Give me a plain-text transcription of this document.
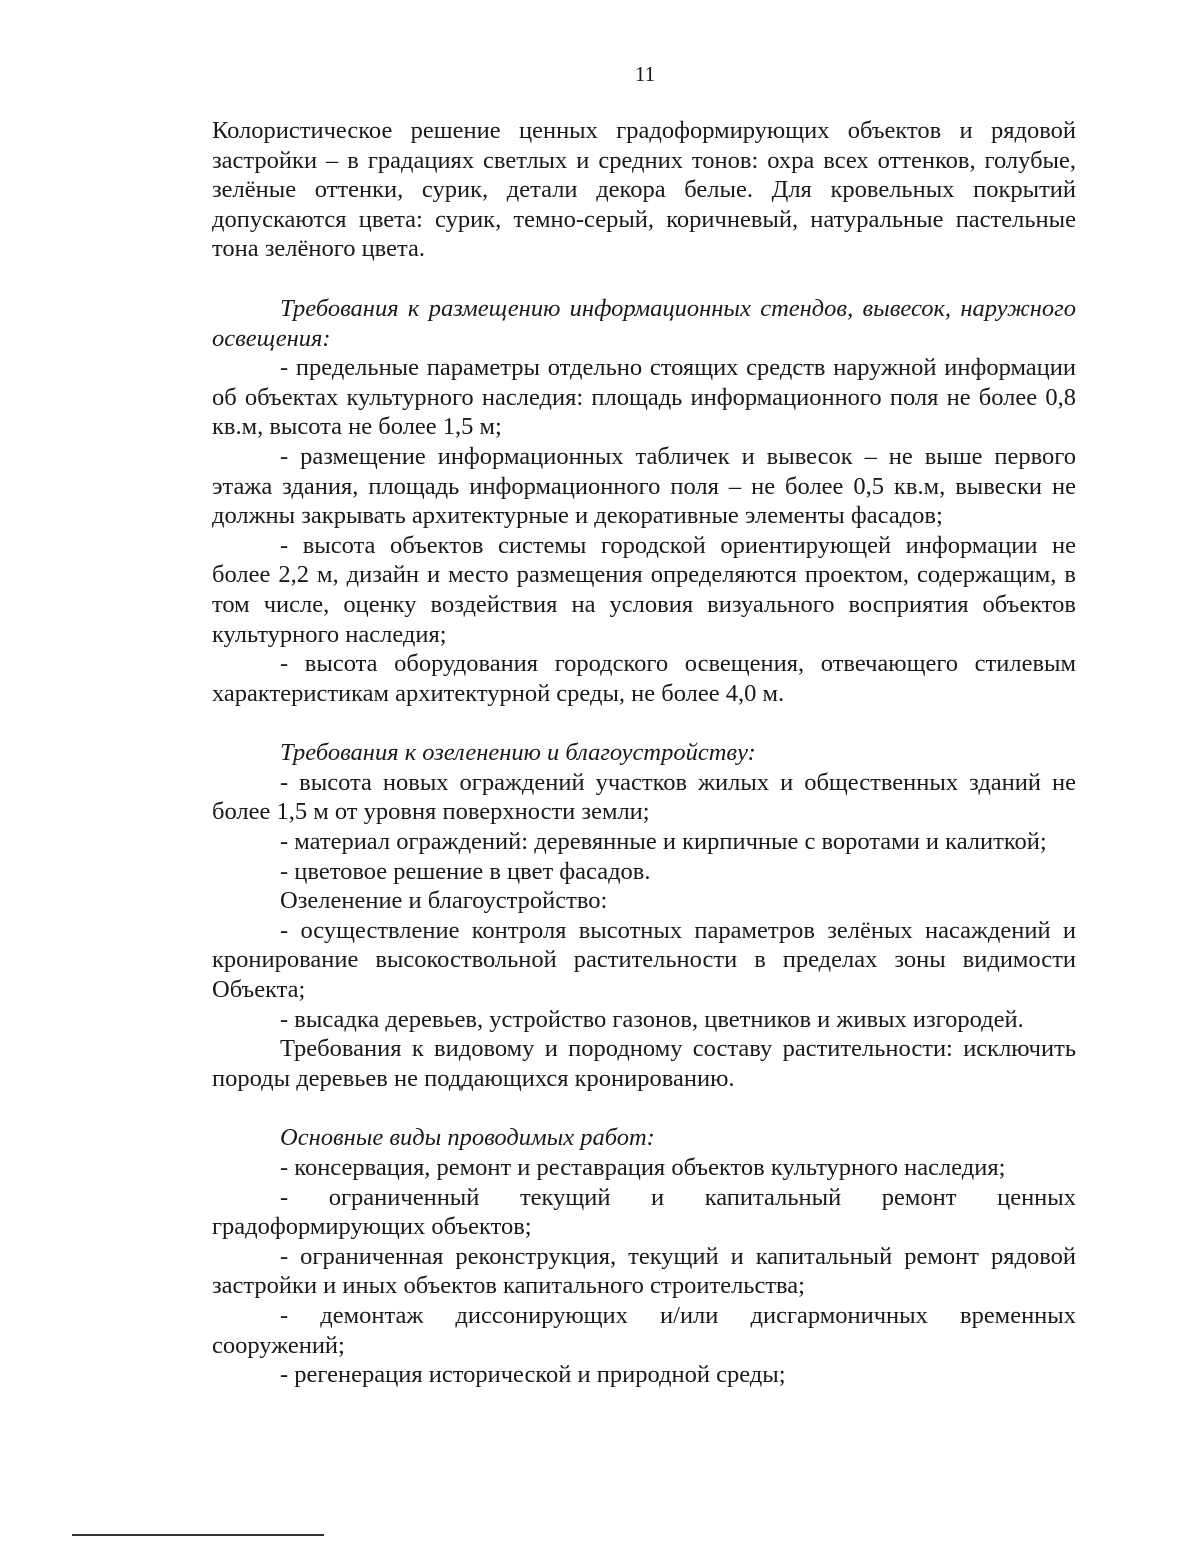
11

Колористическое решение ценных градоформирующих объектов и рядовой застройки – в градациях светлых и средних тонов: охра всех оттенков, голубые, зелёные оттенки, сурик, детали декора белые. Для кровельных покрытий допускаются цвета: сурик, темно-серый, коричневый, натуральные пастельные тона зелёного цвета.

Требования к размещению информационных стендов, вывесок, наружного освещения:

- предельные параметры отдельно стоящих средств наружной информации об объектах культурного наследия: площадь информационного поля не более 0,8 кв.м, высота не более 1,5 м;

- размещение информационных табличек и вывесок – не выше первого этажа здания, площадь информационного поля – не более 0,5 кв.м, вывески не должны закрывать архитектурные и декоративные элементы фасадов;

- высота объектов системы городской ориентирующей информации не более 2,2 м, дизайн и место размещения определяются проектом, содержащим, в том числе, оценку воздействия на условия визуального восприятия объектов культурного наследия;

- высота оборудования городского освещения, отвечающего стилевым характеристикам архитектурной среды, не более 4,0 м.

Требования к озеленению и благоустройству:

- высота новых ограждений участков жилых и общественных зданий не более 1,5 м от уровня поверхности земли;

- материал ограждений: деревянные и кирпичные с воротами и калиткой;

- цветовое решение в цвет фасадов.

Озеленение и благоустройство:

- осуществление контроля высотных параметров зелёных насаждений и кронирование высокоствольной растительности в пределах зоны видимости Объекта;

- высадка деревьев, устройство газонов, цветников и живых изгородей.

Требования к видовому и породному составу растительности: исключить породы деревьев не поддающихся кронированию.

Основные виды проводимых работ:

- консервация, ремонт и реставрация объектов культурного наследия;

- ограниченный текущий и капитальный ремонт ценных градоформирующих объектов;

- ограниченная реконструкция, текущий и капитальный ремонт рядовой застройки и иных объектов капитального строительства;

- демонтаж диссонирующих и/или дисгармоничных временных сооружений;

- регенерация исторической и природной среды;
